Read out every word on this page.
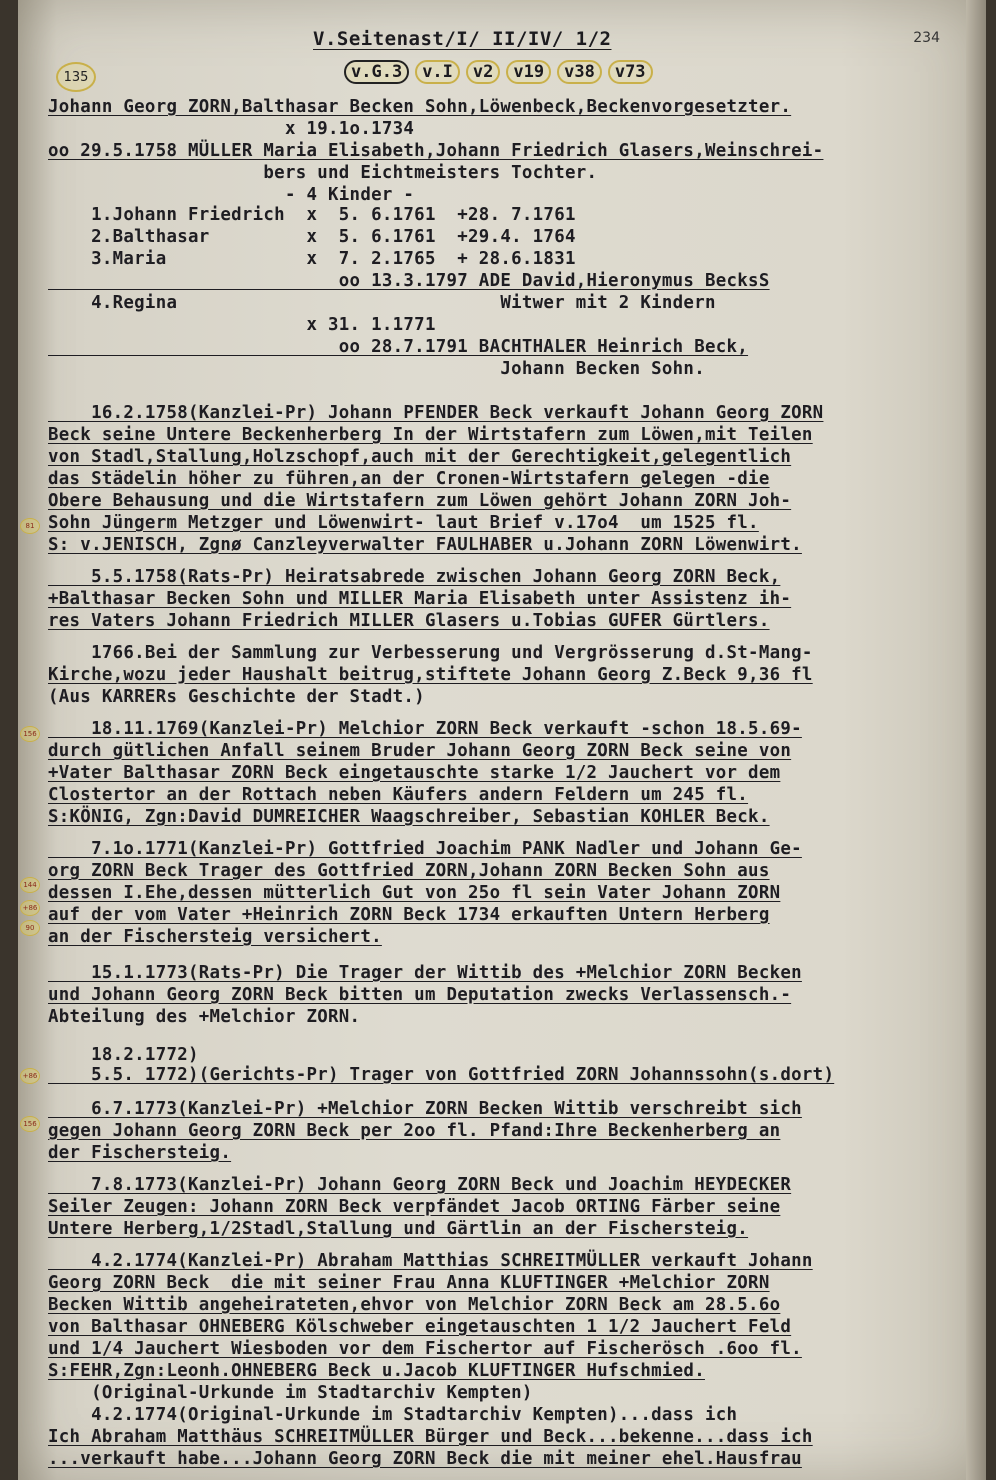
234
135
V.Seitenast/I/ II/IV/ 1/2
v.G.3	v.I	v2	v19	v38	v73
81
156
144
+86
90
+86
156
Johann Georg ZORN,Balthasar Becken Sohn,Löwenbeck,Beckenvorgesetzter.
x 19.1o.1734
oo 29.5.1758 MÜLLER Maria Elisabeth,Johann Friedrich Glasers,Weinschrei-
bers und Eichtmeisters Tochter.
- 4 Kinder -
1.Johann Friedrich  x  5. 6.1761  +28. 7.1761
2.Balthasar         x  5. 6.1761  +29.4. 1764
3.Maria             x  7. 2.1765  + 28.6.1831
oo 13.3.1797 ADE David,Hieronymus BecksS
4.Regina                              Witwer mit 2 Kindern
x 31. 1.1771
oo 28.7.1791 BACHTHALER Heinrich Beck,
Johann Becken Sohn.
16.2.1758(Kanzlei-Pr) Johann PFENDER Beck verkauft Johann Georg ZORN
Beck seine Untere Beckenherberg In der Wirtstafern zum Löwen,mit Teilen
von Stadl,Stallung,Holzschopf,auch mit der Gerechtigkeit,gelegentlich
das Städelin höher zu führen,an der Cronen-Wirtstafern gelegen -die
Obere Behausung und die Wirtstafern zum Löwen gehört Johann ZORN Joh-
Sohn Jüngerm Metzger und Löwenwirt- laut Brief v.17o4  um 1525 fl.
S: v.JENISCH, Zgnø Canzleyverwalter FAULHABER u.Johann ZORN Löwenwirt.
5.5.1758(Rats-Pr) Heiratsabrede zwischen Johann Georg ZORN Beck,
+Balthasar Becken Sohn und MILLER Maria Elisabeth unter Assistenz ih-
res Vaters Johann Friedrich MILLER Glasers u.Tobias GUFER Gürtlers.
1766.Bei der Sammlung zur Verbesserung und Vergrösserung d.St-Mang-
Kirche,wozu jeder Haushalt beitrug,stiftete Johann Georg Z.Beck 9,36 fl
(Aus KARRERs Geschichte der Stadt.)
18.11.1769(Kanzlei-Pr) Melchior ZORN Beck verkauft -schon 18.5.69-
durch gütlichen Anfall seinem Bruder Johann Georg ZORN Beck seine von
+Vater Balthasar ZORN Beck eingetauschte starke 1/2 Jauchert vor dem
Clostertor an der Rottach neben Käufers andern Feldern um 245 fl.
S:KÖNIG, Zgn:David DUMREICHER Waagschreiber, Sebastian KOHLER Beck.
7.1o.1771(Kanzlei-Pr) Gottfried Joachim PANK Nadler und Johann Ge-
org ZORN Beck Trager des Gottfried ZORN,Johann ZORN Becken Sohn aus
dessen I.Ehe,dessen mütterlich Gut von 25o fl sein Vater Johann ZORN
auf der vom Vater +Heinrich ZORN Beck 1734 erkauften Untern Herberg
an der Fischersteig versichert.
15.1.1773(Rats-Pr) Die Trager der Wittib des +Melchior ZORN Becken
und Johann Georg ZORN Beck bitten um Deputation zwecks Verlassensch.-
Abteilung des +Melchior ZORN.
18.2.1772)
5.5. 1772)(Gerichts-Pr) Trager von Gottfried ZORN Johannssohn(s.dort)
6.7.1773(Kanzlei-Pr) +Melchior ZORN Becken Wittib verschreibt sich
gegen Johann Georg ZORN Beck per 2oo fl. Pfand:Ihre Beckenherberg an
der Fischersteig.
7.8.1773(Kanzlei-Pr) Johann Georg ZORN Beck und Joachim HEYDECKER
Seiler Zeugen: Johann ZORN Beck verpfändet Jacob ORTING Färber seine
Untere Herberg,1/2Stadl,Stallung und Gärtlin an der Fischersteig.
4.2.1774(Kanzlei-Pr) Abraham Matthias SCHREITMÜLLER verkauft Johann
Georg ZORN Beck  die mit seiner Frau Anna KLUFTINGER +Melchior ZORN
Becken Wittib angeheirateten,ehvor von Melchior ZORN Beck am 28.5.6o
von Balthasar OHNEBERG Kölschweber eingetauschten 1 1/2 Jauchert Feld
und 1/4 Jauchert Wiesboden vor dem Fischertor auf Fischerösch .6oo fl.
S:FEHR,Zgn:Leonh.OHNEBERG Beck u.Jacob KLUFTINGER Hufschmied.
(Original-Urkunde im Stadtarchiv Kempten)
4.2.1774(Original-Urkunde im Stadtarchiv Kempten)...dass ich
Ich Abraham Matthäus SCHREITMÜLLER Bürger und Beck...bekenne...dass ich
...verkauft habe...Johann Georg ZORN Beck die mit meiner ehel.Hausfrau
